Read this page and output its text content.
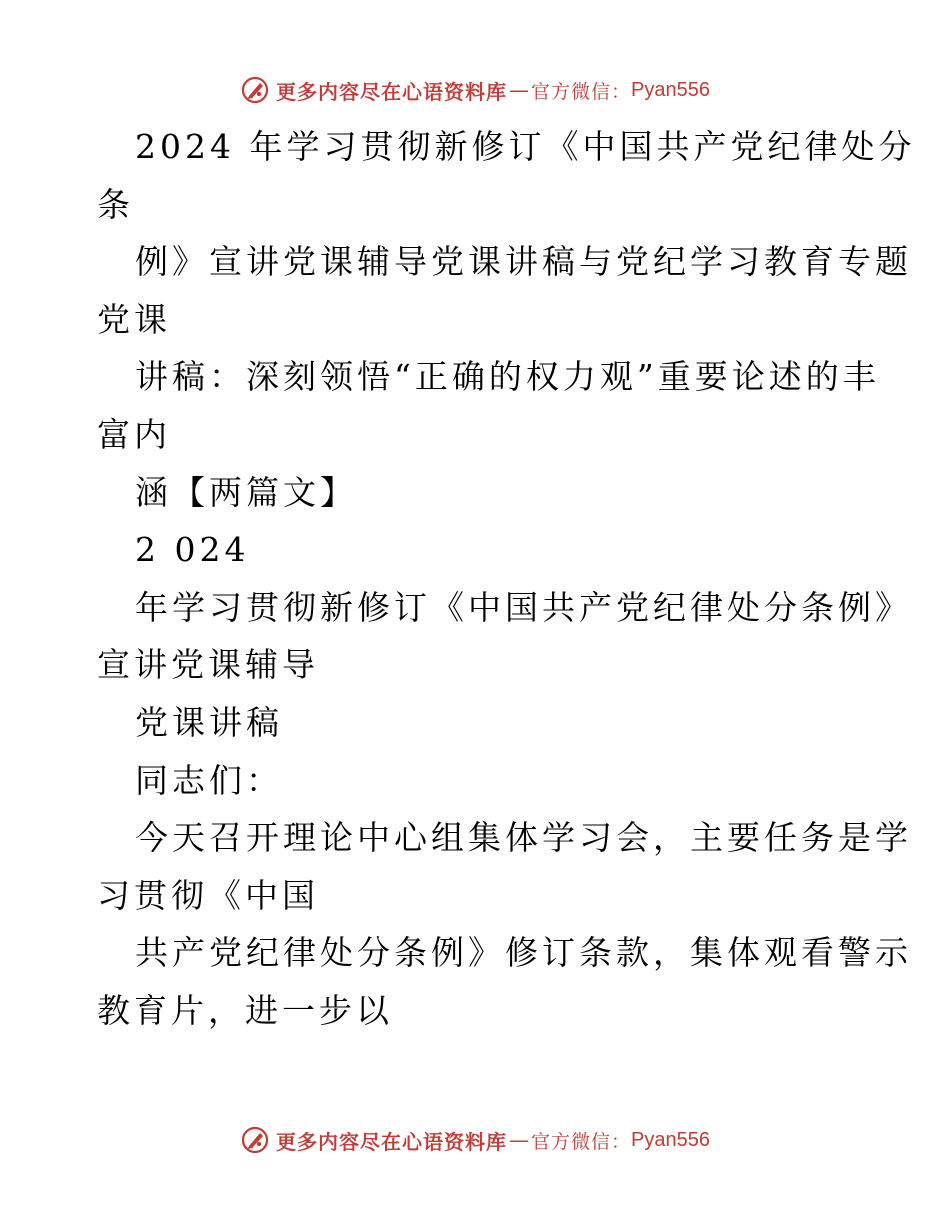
更多内容尽在心语资料库 — 官方微信： Pyan556
2024 年学习贯彻新修订《中国共产党纪律处分
条
例》宣讲党课辅导党课讲稿与党纪学习教育专题
党课
讲稿：深刻领悟“正确的权力观”重要论述的丰
富内
涵【两篇文】
2 024
年学习贯彻新修订《中国共产党纪律处分条例》
宣讲党课辅导
党课讲稿
同志们：
今天召开理论中心组集体学习会，主要任务是学
习贯彻《中国
共产党纪律处分条例》修订条款，集体观看警示
教育片，进一步以
更多内容尽在心语资料库 — 官方微信： Pyan556
